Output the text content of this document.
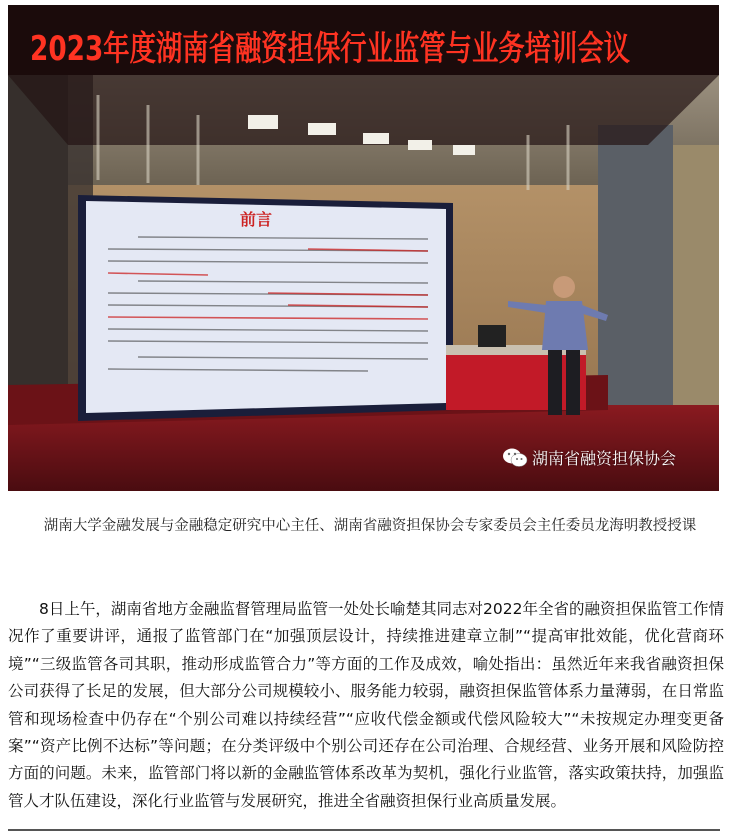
2023年度湖南省融资担保行业监管与业务培训会议
前言
湖南省融资担保协会
湖南大学金融发展与金融稳定研究中心主任、湖南省融资担保协会专家委员会主任委员龙海明教授授课

8日上午，湖南省地方金融监督管理局监管一处处长喻楚其同志对2022年全省的融资担保监管工作情况作了重要讲评，通报了监管部门在“加强顶层设计，持续推进建章立制”“提高审批效能，优化营商环境”“三级监管各司其职，推动形成监管合力”等方面的工作及成效，喻处指出：虽然近年来我省融资担保公司获得了长足的发展，但大部分公司规模较小、服务能力较弱，融资担保监管体系力量薄弱，在日常监管和现场检查中仍存在“个别公司难以持续经营”“应收代偿金额或代偿风险较大”“未按规定办理变更备案”“资产比例不达标”等问题；在分类评级中个别公司还存在公司治理、合规经营、业务开展和风险防控方面的问题。未来，监管部门将以新的金融监管体系改革为契机，强化行业监管，落实政策扶持，加强监管人才队伍建设，深化行业监管与发展研究，推进全省融资担保行业高质量发展。
